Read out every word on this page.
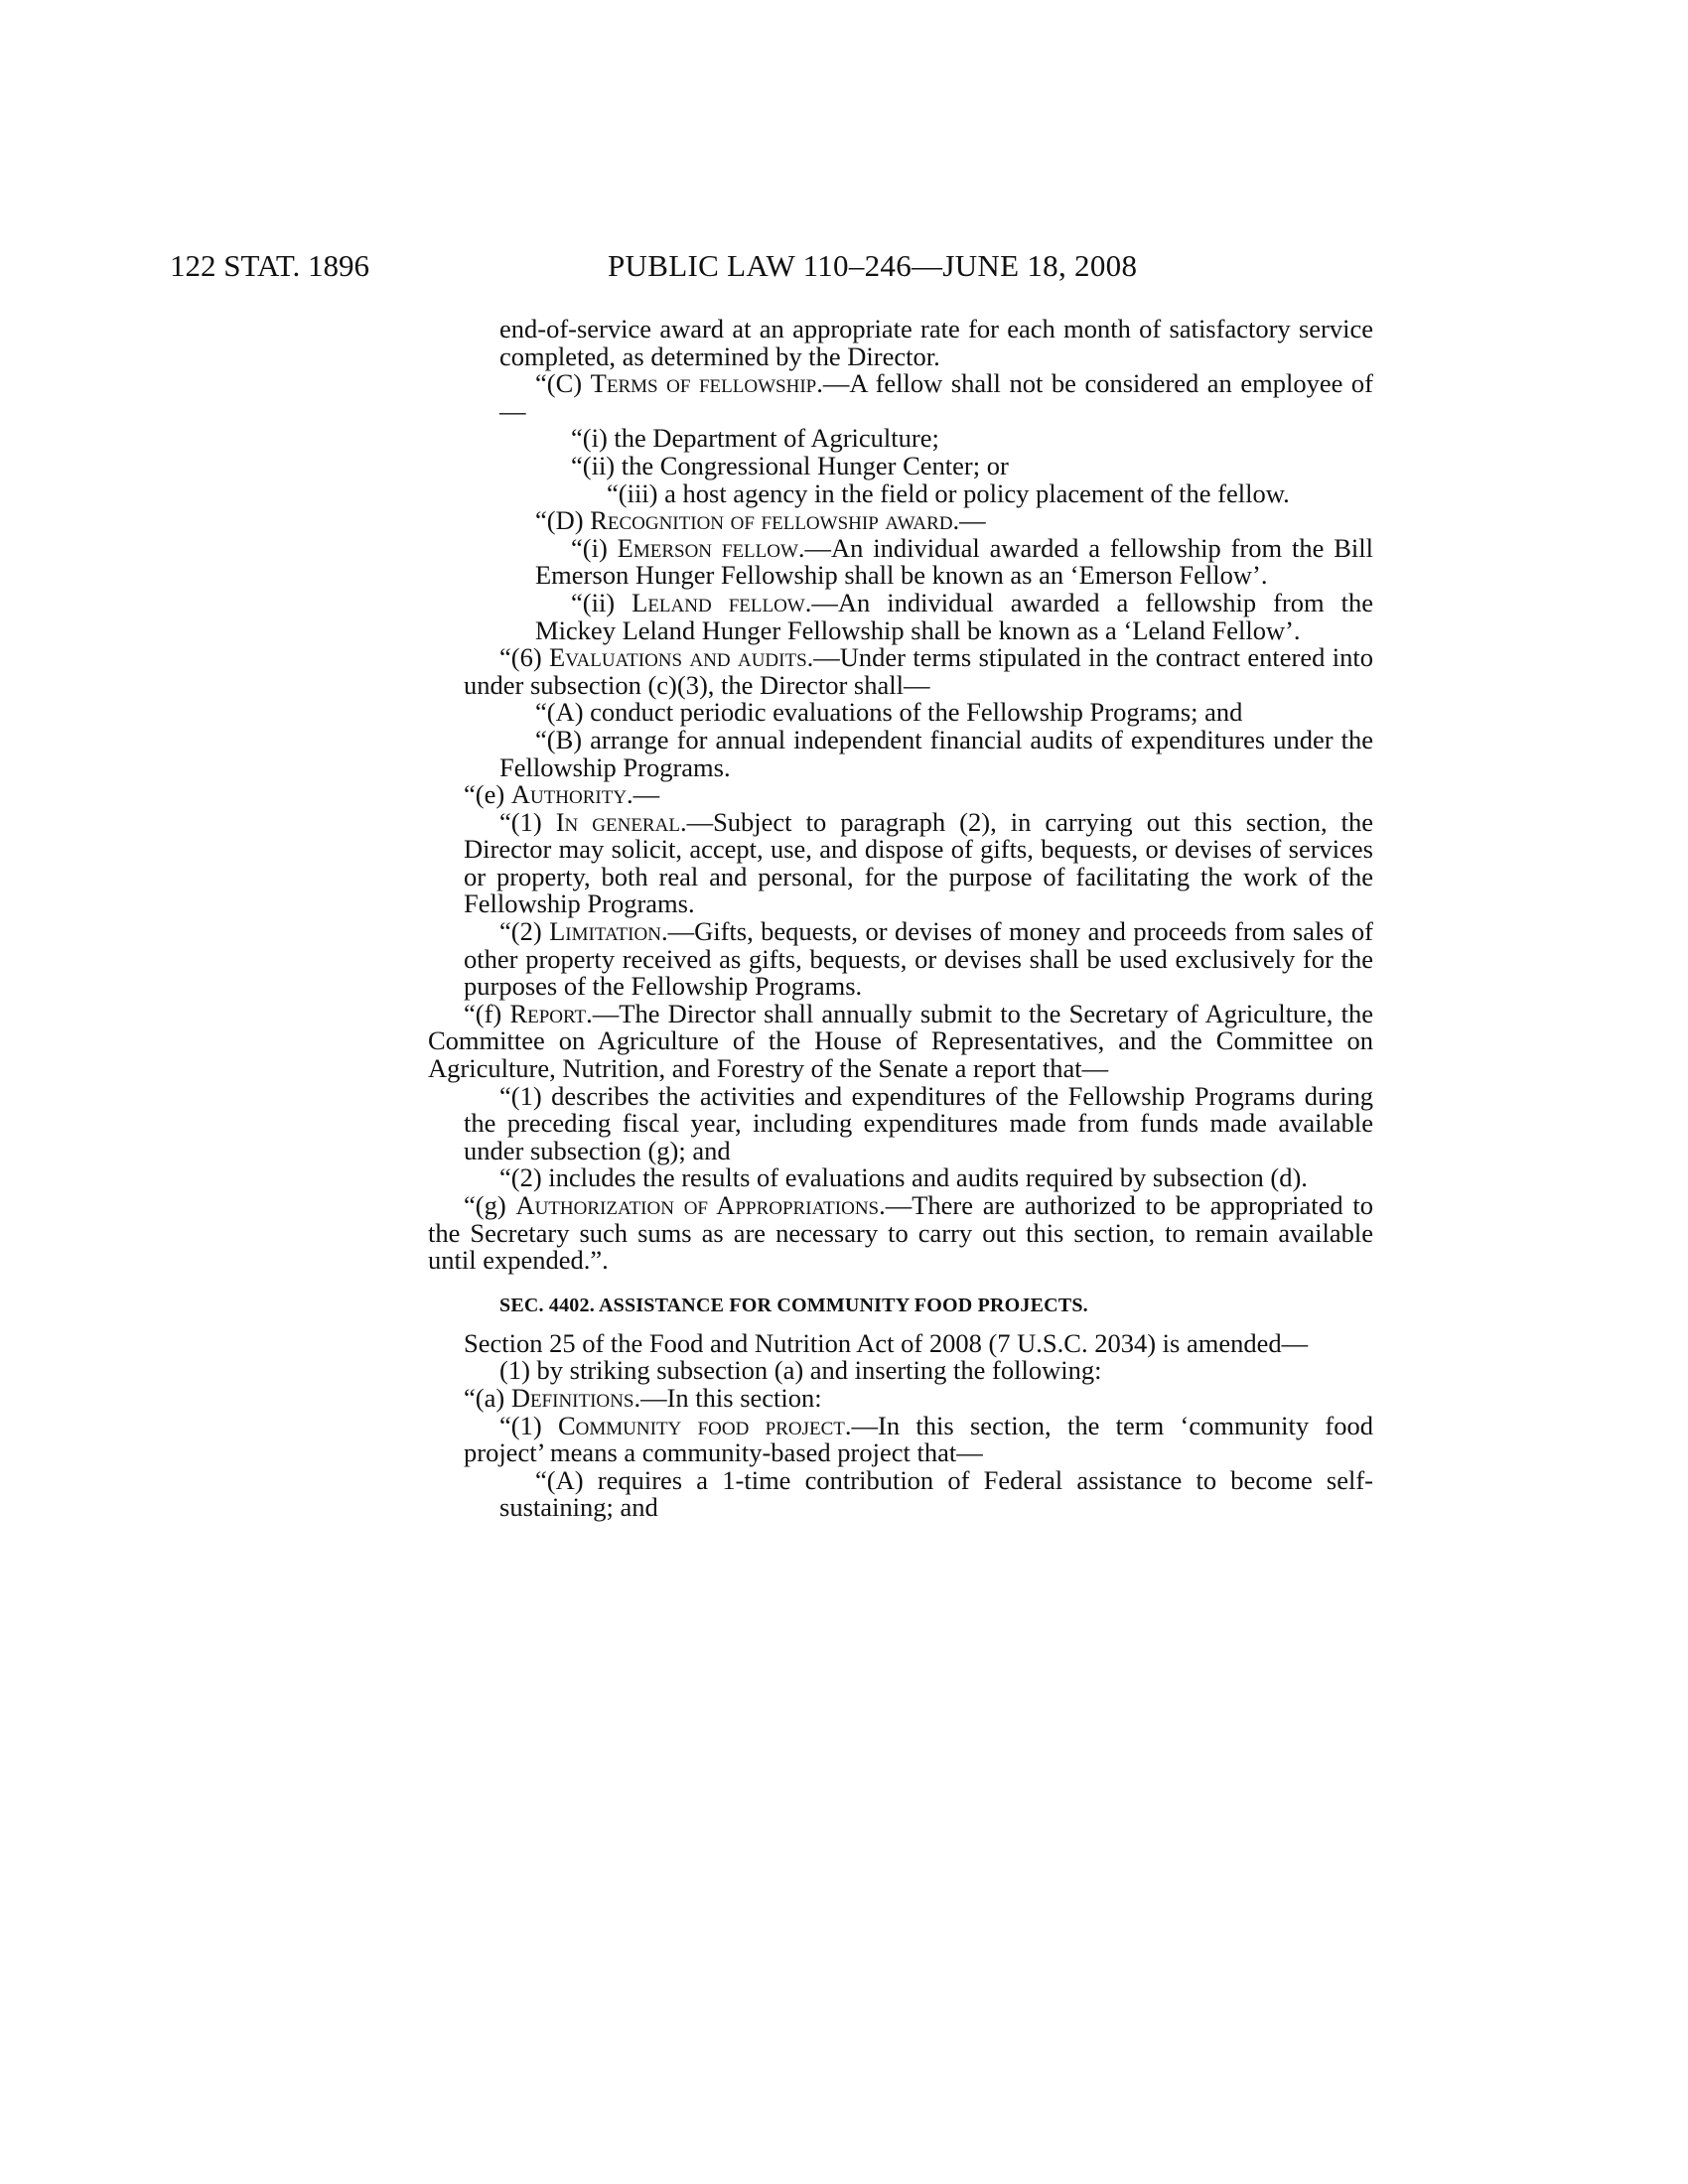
122 STAT. 1896	PUBLIC LAW 110–246—JUNE 18, 2008

end-of-service award at an appropriate rate for each month of satisfactory service completed, as determined by the Director.

“(C) Terms of fellowship.—A fellow shall not be considered an employee of—

“(i) the Department of Agriculture;

“(ii) the Congressional Hunger Center; or

“(iii) a host agency in the field or policy placement of the fellow.

“(D) Recognition of fellowship award.—

“(i) Emerson fellow.—An individual awarded a fellowship from the Bill Emerson Hunger Fellowship shall be known as an ‘Emerson Fellow’.

“(ii) Leland fellow.—An individual awarded a fellowship from the Mickey Leland Hunger Fellowship shall be known as a ‘Leland Fellow’.

“(6) Evaluations and audits.—Under terms stipulated in the contract entered into under subsection (c)(3), the Director shall—

“(A) conduct periodic evaluations of the Fellowship Programs; and

“(B) arrange for annual independent financial audits of expenditures under the Fellowship Programs.

“(e) Authority.—

“(1) In general.—Subject to paragraph (2), in carrying out this section, the Director may solicit, accept, use, and dispose of gifts, bequests, or devises of services or property, both real and personal, for the purpose of facilitating the work of the Fellowship Programs.

“(2) Limitation.—Gifts, bequests, or devises of money and proceeds from sales of other property received as gifts, bequests, or devises shall be used exclusively for the purposes of the Fellowship Programs.

“(f) Report.—The Director shall annually submit to the Secretary of Agriculture, the Committee on Agriculture of the House of Representatives, and the Committee on Agriculture, Nutrition, and Forestry of the Senate a report that—

“(1) describes the activities and expenditures of the Fellowship Programs during the preceding fiscal year, including expenditures made from funds made available under subsection (g); and

“(2) includes the results of evaluations and audits required by subsection (d).

“(g) Authorization of Appropriations.—There are authorized to be appropriated to the Secretary such sums as are necessary to carry out this section, to remain available until expended.”.

SEC. 4402. ASSISTANCE FOR COMMUNITY FOOD PROJECTS.

Section 25 of the Food and Nutrition Act of 2008 (7 U.S.C. 2034) is amended—

(1) by striking subsection (a) and inserting the following:

“(a) Definitions.—In this section:

“(1) Community food project.—In this section, the term ‘community food project’ means a community-based project that—

“(A) requires a 1-time contribution of Federal assistance to become self-sustaining; and
